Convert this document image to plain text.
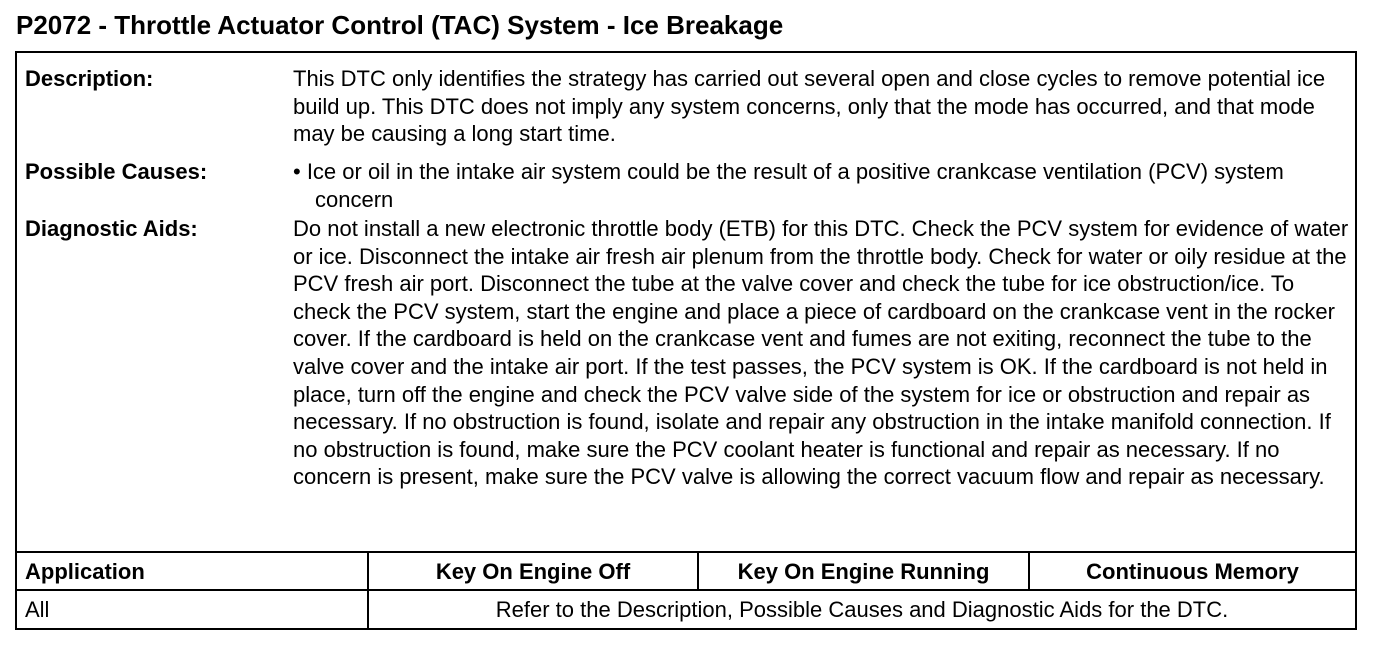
P2072 - Throttle Actuator Control (TAC) System - Ice Breakage
Description:	This DTC only identifies the strategy has carried out several open and close cycles to remove potential ice build up. This DTC does not imply any system concerns, only that the mode has occurred, and that mode may be causing a long start time.
Possible Causes:	• Ice or oil in the intake air system could be the result of a positive crankcase ventilation (PCV) system concern
Diagnostic Aids:	Do not install a new electronic throttle body (ETB) for this DTC. Check the PCV system for evidence of water or ice. Disconnect the intake air fresh air plenum from the throttle body. Check for water or oily residue at the PCV fresh air port. Disconnect the tube at the valve cover and check the tube for ice obstruction/ice. To check the PCV system, start the engine and place a piece of cardboard on the crankcase vent in the rocker cover. If the cardboard is held on the crankcase vent and fumes are not exiting, reconnect the tube to the valve cover and the intake air port. If the test passes, the PCV system is OK. If the cardboard is not held in place, turn off the engine and check the PCV valve side of the system for ice or obstruction and repair as necessary. If no obstruction is found, isolate and repair any obstruction in the intake manifold connection. If no obstruction is found, make sure the PCV coolant heater is functional and repair as necessary. If no concern is present, make sure the PCV valve is allowing the correct vacuum flow and repair as necessary.
Application	Key On Engine Off	Key On Engine Running	Continuous Memory
All	Refer to the Description, Possible Causes and Diagnostic Aids for the DTC.
